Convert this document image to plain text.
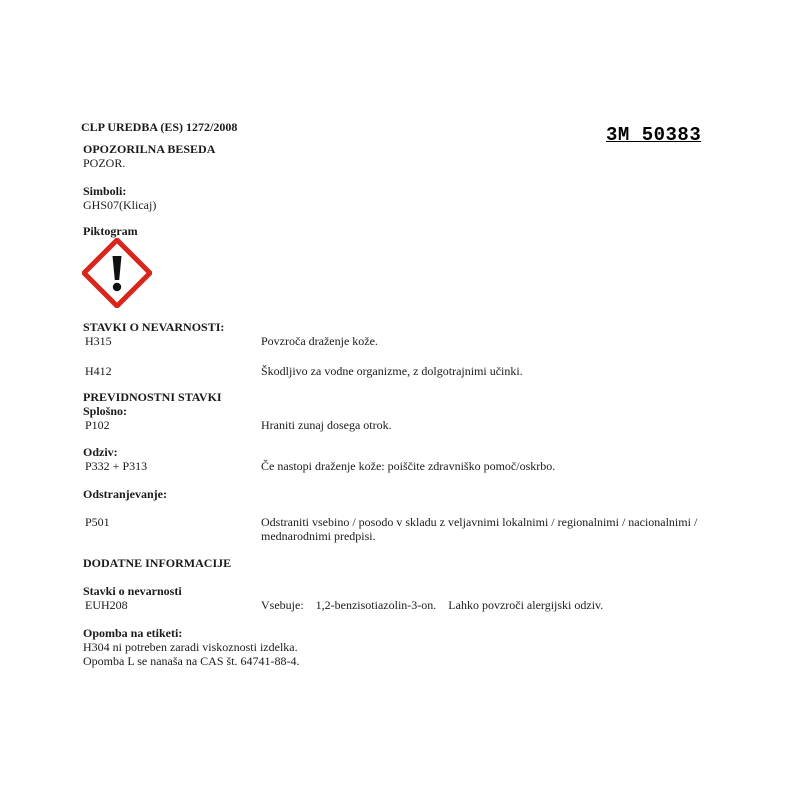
3M 50383
CLP UREDBA (ES) 1272/2008
OPOZORILNA BESEDA
POZOR.
Simboli:
GHS07(Klicaj)
Piktogram
STAVKI O NEVARNOSTI:
H315	Povzroča draženje kože.
H412	Škodljivo za vodne organizme, z dolgotrajnimi učinki.
PREVIDNOSTNI STAVKI
Splošno:
P102	Hraniti zunaj dosega otrok.
Odziv:
P332 + P313	Če nastopi draženje kože: poiščite zdravniško pomoč/oskrbo.
Odstranjevanje:
P501	Odstraniti vsebino / posodo v skladu z veljavnimi lokalnimi / regionalnimi / nacionalnimi / mednarodnimi predpisi.
DODATNE INFORMACIJE
Stavki o nevarnosti
EUH208	Vsebuje:    1,2-benzisotiazolin-3-on.    Lahko povzroči alergijski odziv.
Opomba na etiketi:
H304 ni potreben zaradi viskoznosti izdelka.
Opomba L se nanaša na CAS št. 64741-88-4.
